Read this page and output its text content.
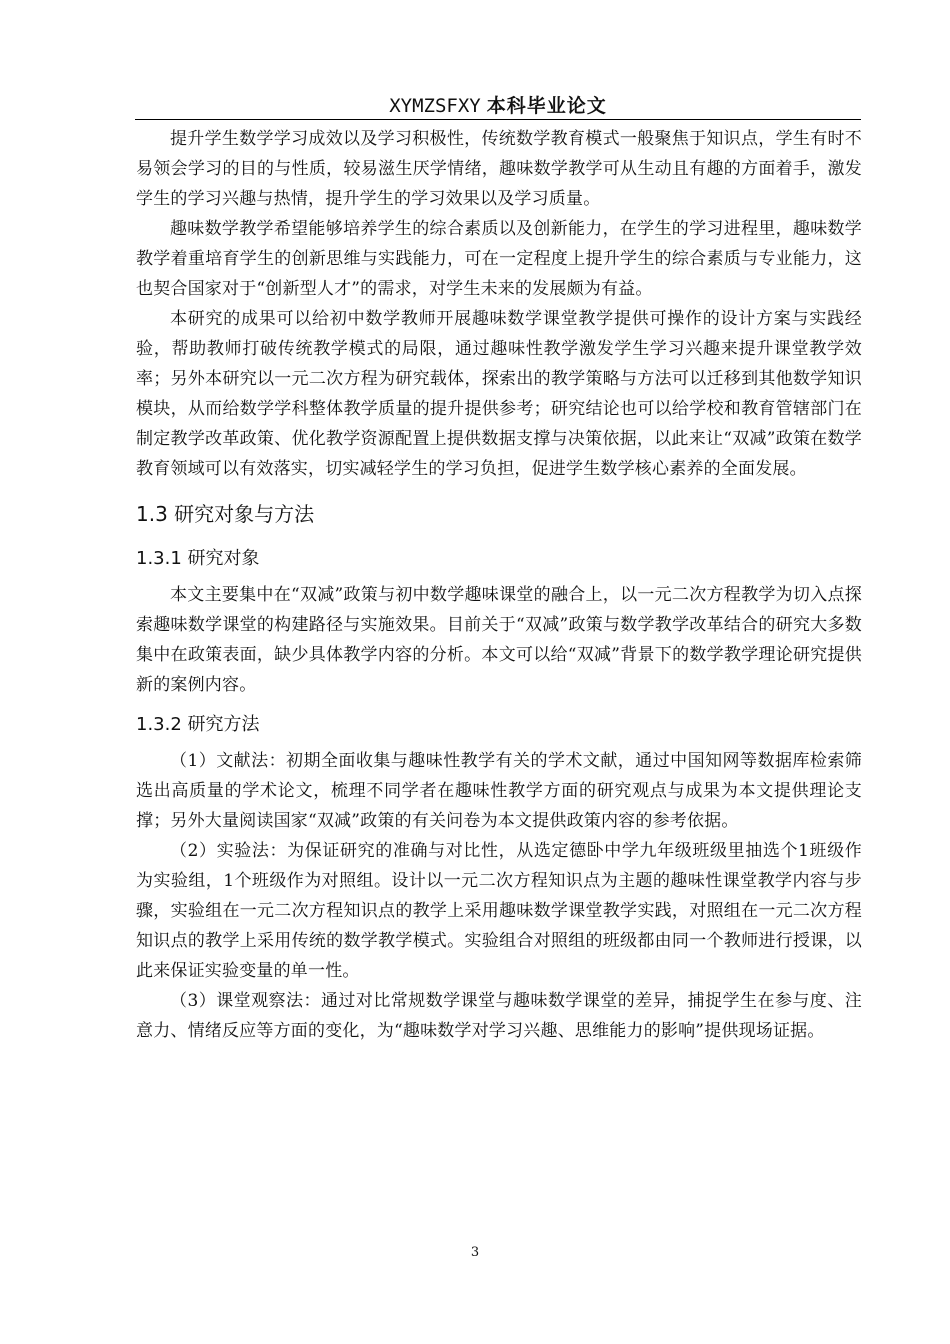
XYMZSFXY 本科毕业论文

提升学生数学学习成效以及学习积极性，传统数学教育模式一般聚焦于知识点，学生有时不易领会学习的目的与性质，较易滋生厌学情绪，趣味数学教学可从生动且有趣的方面着手，激发学生的学习兴趣与热情，提升学生的学习效果以及学习质量。

趣味数学教学希望能够培养学生的综合素质以及创新能力，在学生的学习进程里，趣味数学教学着重培育学生的创新思维与实践能力，可在一定程度上提升学生的综合素质与专业能力，这也契合国家对于“创新型人才”的需求，对学生未来的发展颇为有益。

本研究的成果可以给初中数学教师开展趣味数学课堂教学提供可操作的设计方案与实践经验，帮助教师打破传统教学模式的局限，通过趣味性教学激发学生学习兴趣来提升课堂教学效率；另外本研究以一元二次方程为研究载体，探索出的教学策略与方法可以迁移到其他数学知识模块，从而给数学学科整体教学质量的提升提供参考；研究结论也可以给学校和教育管辖部门在制定教学改革政策、优化教学资源配置上提供数据支撑与决策依据，以此来让“双减”政策在数学教育领域可以有效落实，切实减轻学生的学习负担，促进学生数学核心素养的全面发展。

1.3 研究对象与方法
1.3.1 研究对象

本文主要集中在“双减”政策与初中数学趣味课堂的融合上，以一元二次方程教学为切入点探索趣味数学课堂的构建路径与实施效果。目前关于“双减”政策与数学教学改革结合的研究大多数集中在政策表面，缺少具体教学内容的分析。本文可以给“双减”背景下的数学教学理论研究提供新的案例内容。

1.3.2 研究方法

（1）文献法：初期全面收集与趣味性教学有关的学术文献，通过中国知网等数据库检索筛选出高质量的学术论文，梳理不同学者在趣味性教学方面的研究观点与成果为本文提供理论支撑；另外大量阅读国家“双减”政策的有关问卷为本文提供政策内容的参考依据。

（2）实验法：为保证研究的准确与对比性，从选定德卧中学九年级班级里抽选个1班级作为实验组，1个班级作为对照组。设计以一元二次方程知识点为主题的趣味性课堂教学内容与步骤，实验组在一元二次方程知识点的教学上采用趣味数学课堂教学实践，对照组在一元二次方程知识点的教学上采用传统的数学教学模式。实验组合对照组的班级都由同一个教师进行授课，以此来保证实验变量的单一性。

（3）课堂观察法：通过对比常规数学课堂与趣味数学课堂的差异，捕捉学生在参与度、注意力、情绪反应等方面的变化，为“趣味数学对学习兴趣、思维能力的影响”提供现场证据。

3
